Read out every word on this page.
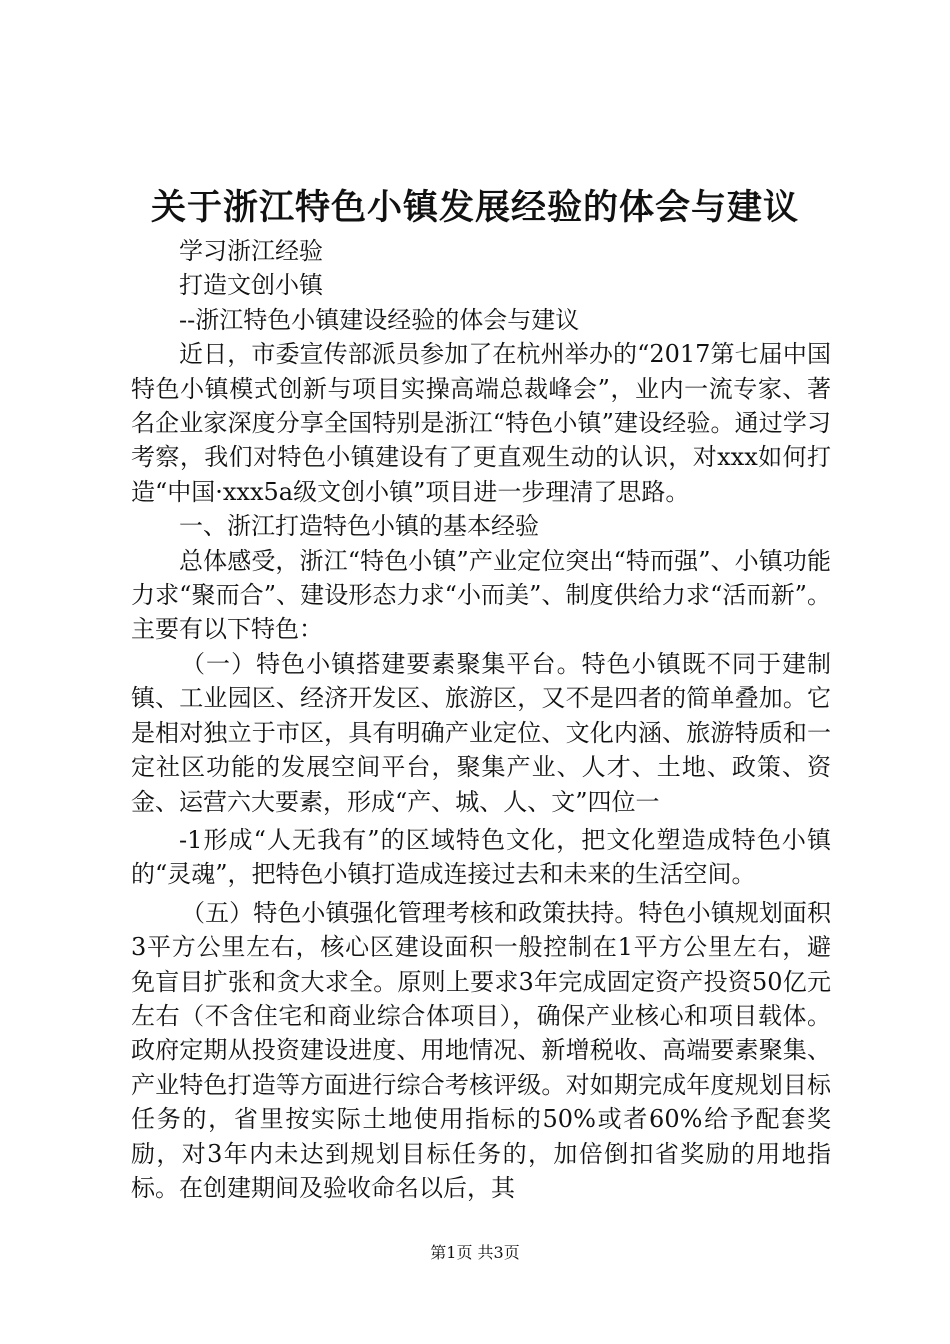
关于浙江特色小镇发展经验的体会与建议

学习浙江经验

打造文创小镇

--浙江特色小镇建设经验的体会与建议

近日，市委宣传部派员参加了在杭州举办的“2017第七届中国特色小镇模式创新与项目实操高端总裁峰会”，业内一流专家、著名企业家深度分享全国特别是浙江“特色小镇”建设经验。通过学习考察，我们对特色小镇建设有了更直观生动的认识，对xxx如何打造“中国·xxx5a级文创小镇”项目进一步理清了思路。

一、浙江打造特色小镇的基本经验

总体感受，浙江“特色小镇”产业定位突出“特而强”、小镇功能力求“聚而合”、建设形态力求“小而美”、制度供给力求“活而新”。主要有以下特色：

（一）特色小镇搭建要素聚集平台。特色小镇既不同于建制镇、工业园区、经济开发区、旅游区，又不是四者的简单叠加。它是相对独立于市区，具有明确产业定位、文化内涵、旅游特质和一定社区功能的发展空间平台，聚集产业、人才、土地、政策、资金、运营六大要素，形成“产、城、人、文”四位一

-1形成“人无我有”的区域特色文化，把文化塑造成特色小镇的“灵魂”，把特色小镇打造成连接过去和未来的生活空间。

（五）特色小镇强化管理考核和政策扶持。特色小镇规划面积3平方公里左右，核心区建设面积一般控制在1平方公里左右，避免盲目扩张和贪大求全。原则上要求3年完成固定资产投资50亿元左右（不含住宅和商业综合体项目），确保产业核心和项目载体。政府定期从投资建设进度、用地情况、新增税收、高端要素聚集、产业特色打造等方面进行综合考核评级。对如期完成年度规划目标任务的，省里按实际土地使用指标的50%或者60%给予配套奖励，对3年内未达到规划目标任务的，加倍倒扣省奖励的用地指标。在创建期间及验收命名以后，其

第1页 共3页
